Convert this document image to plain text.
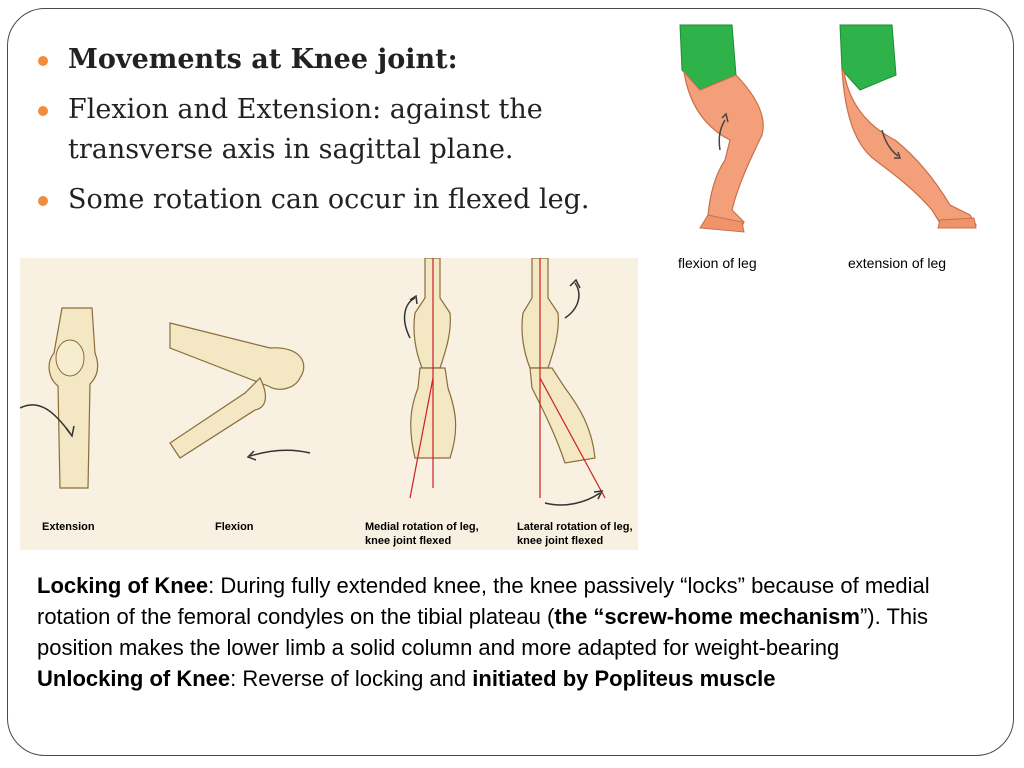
Movements at Knee joint:
Flexion and Extension: against the transverse axis in sagittal plane.
Some rotation can occur in flexed leg.
flexion of leg	extension of leg
Extension	Flexion	Medial rotation of leg,
knee joint flexed
Lateral rotation of leg,
knee joint flexed
Locking of Knee: During fully extended knee, the knee passively “locks” because of medial rotation of the femoral condyles on the tibial plateau (the “screw-home mechanism”). This position makes the lower limb a solid column and more adapted for weight-bearing
Unlocking of Knee: Reverse of locking and initiated by Popliteus muscle
